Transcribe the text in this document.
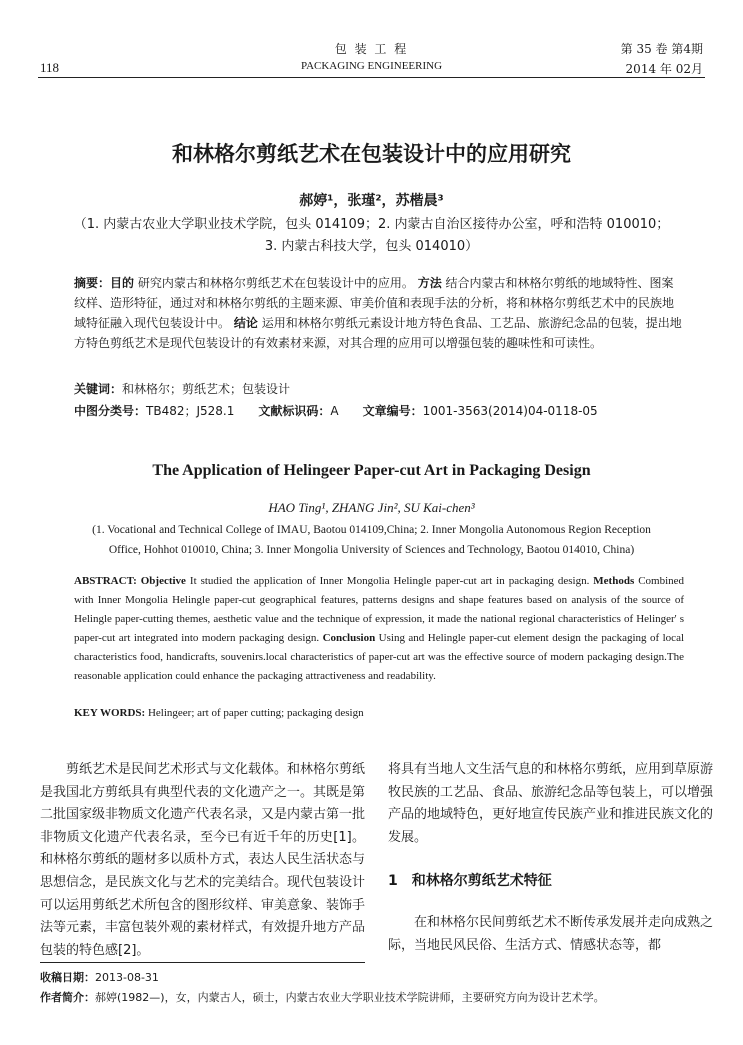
包 装 工 程
PACKAGING ENGINEERING
118
第 35 卷 第4期
2014 年 02月
和林格尔剪纸艺术在包装设计中的应用研究
郝婷¹，张瑾²，苏楷晨³
（1. 内蒙古农业大学职业技术学院，包头 014109；2. 内蒙古自治区接待办公室，呼和浩特 010010；
3. 内蒙古科技大学，包头 014010）
摘要：目的 研究内蒙古和林格尔剪纸艺术在包装设计中的应用。 方法 结合内蒙古和林格尔剪纸的地域特性、图案纹样、造形特征，通过对和林格尔剪纸的主题来源、审美价值和表现手法的分析，将和林格尔剪纸艺术中的民族地域特征融入现代包装设计中。 结论 运用和林格尔剪纸元素设计地方特色食品、工艺品、旅游纪念品的包装，提出地方特色剪纸艺术是现代包装设计的有效素材来源，对其合理的应用可以增强包装的趣味性和可读性。
关键词：和林格尔；剪纸艺术；包装设计
中图分类号：TB482；J528.1 文献标识码：A 文章编号：1001-3563(2014)04-0118-05
The Application of Helingeer Paper-cut Art in Packaging Design
HAO Ting¹, ZHANG Jin², SU Kai-chen³
(1. Vocational and Technical College of IMAU, Baotou 014109,China; 2. Inner Mongolia Autonomous Region Reception
Office, Hohhot 010010, China; 3. Inner Mongolia University of Sciences and Technology, Baotou 014010, China)
ABSTRACT: Objective It studied the application of Inner Mongolia Helingle paper-cut art in packaging design. Methods Combined with Inner Mongolia Helingle paper-cut geographical features, patterns designs and shape features based on analysis of the source of Helingle paper-cutting themes, aesthetic value and the technique of expression, it made the national regional characteristics of Helinger' s paper-cut art integrated into modern packaging design. Conclusion Using and Helingle paper-cut element design the packaging of local characteristics food, handicrafts, souvenirs.local characteristics of paper-cut art was the effective source of modern packaging design.The reasonable application could enhance the packaging attractiveness and readability.
KEY WORDS: Helingeer; art of paper cutting; packaging design
剪纸艺术是民间艺术形式与文化载体。和林格尔剪纸是我国北方剪纸具有典型代表的文化遗产之一。其既是第二批国家级非物质文化遗产代表名录，又是内蒙古第一批非物质文化遗产代表名录，至今已有近千年的历史[1]。和林格尔剪纸的题材多以质朴方式，表达人民生活状态与思想信念，是民族文化与艺术的完美结合。现代包装设计可以运用剪纸艺术所包含的图形纹样、审美意象、装饰手法等元素，丰富包装外观的素材样式，有效提升地方产品包装的特色感[2]。
将具有当地人文生活气息的和林格尔剪纸，应用到草原游牧民族的工艺品、食品、旅游纪念品等包装上，可以增强产品的地域特色，更好地宣传民族产业和推进民族文化的发展。
1　和林格尔剪纸艺术特征
在和林格尔民间剪纸艺术不断传承发展并走向成熟之际，当地民风民俗、生活方式、情感状态等，都
收稿日期：2013-08-31
作者简介：郝婷(1982—)，女，内蒙古人，硕士，内蒙古农业大学职业技术学院讲师，主要研究方向为设计艺术学。
